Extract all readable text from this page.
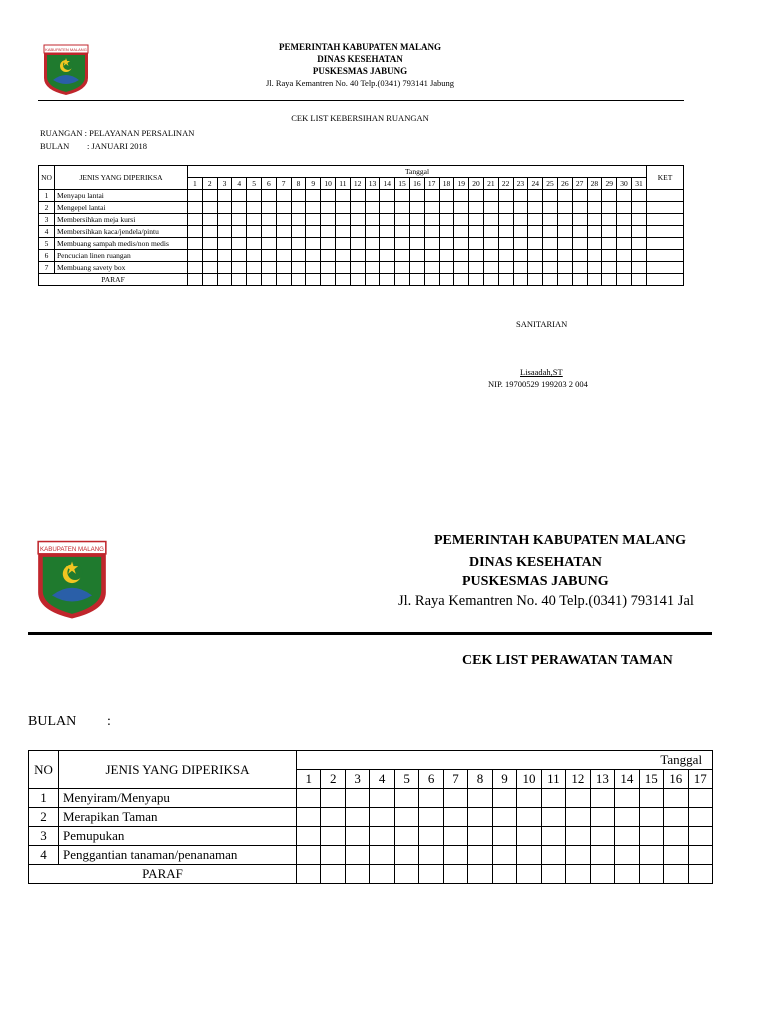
KABUPATEN MALANG	PEMERINTAH KABUPATEN MALANG
DINAS KESEHATAN
PUSKESMAS JABUNG
Jl. Raya Kemantren No. 40 Telp.(0341) 793141 Jabung
CEK LIST KEBERSIHAN RUANGAN
RUANGAN : PELAYANAN PERSALINAN
BULAN : JANUARI 2018
NO	JENIS YANG DIPERIKSA	Tanggal																															KET
		1	2	3	4	5	6	7	8	9	10	11	12	13	14	15	16	17	18	19	20	21	22	23	24	25	26	27	28	29	30	31	
1	Menyapu lantai																																
2	Mengepel lantai																																
3	Membersihkan meja kursi																																
4	Membersihkan kaca/jendela/pintu																																
5	Membuang sampah medis/non medis																																
6	Pencucian linen ruangan																																
7	Membuang savety box																																
PARAF																																	
SANITARIAN
Lisaadah,ST
NIP. 19700529 199203 2 004
KABUPATEN MALANG
PEMERINTAH KABUPATEN MALANG
DINAS KESEHATAN
PUSKESMAS JABUNG
Jl. Raya Kemantren No. 40 Telp.(0341) 793141 Jal
CEK LIST PERAWATAN TAMAN
BULAN :
NO	JENIS YANG DIPERIKSA	Tanggal																
		1	2	3	4	5	6	7	8	9	10	11	12	13	14	15	16	17
1	Menyiram/Menyapu																	
2	Merapikan Taman																	
3	Pemupukan																	
4	Penggantian tanaman/penanaman																	
PARAF																		
